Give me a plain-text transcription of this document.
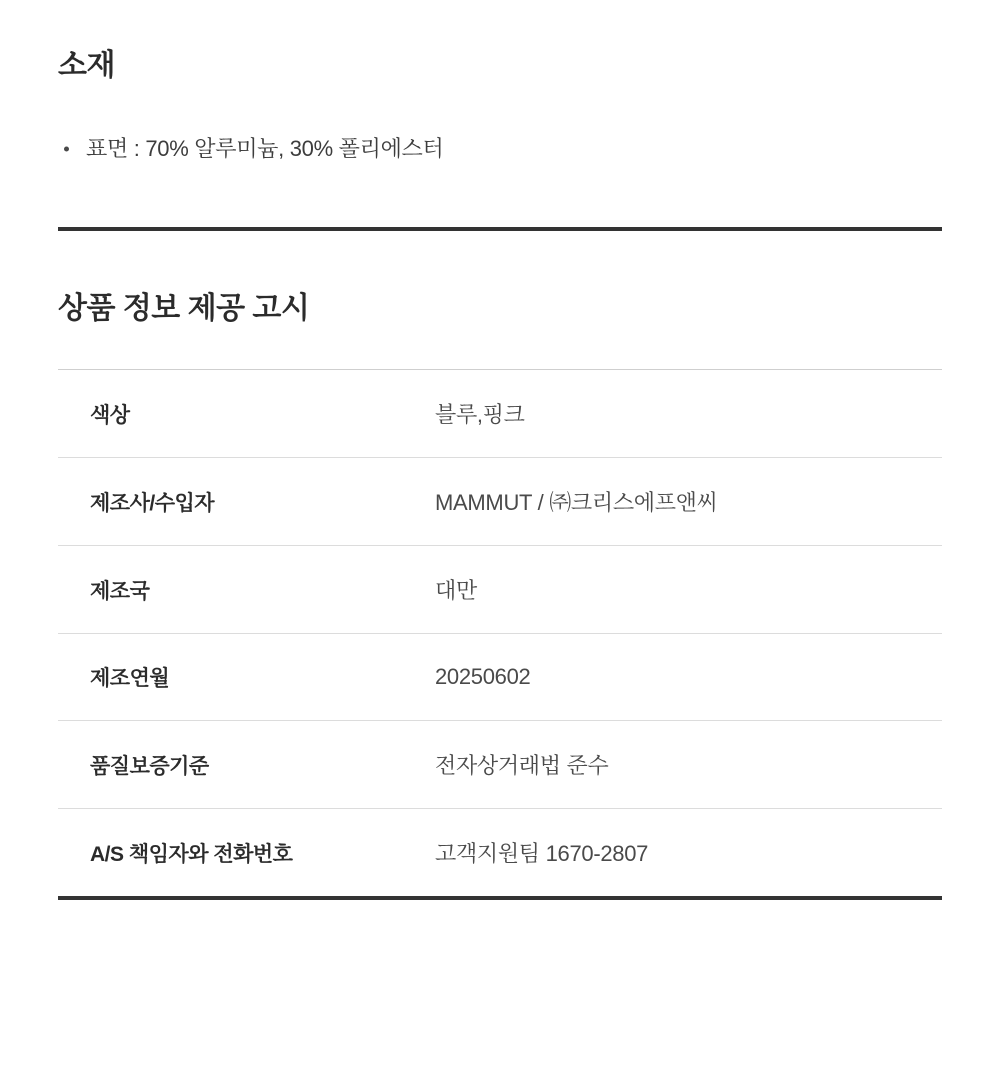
소재
표면 : 70% 알루미늄, 30% 폴리에스터
상품 정보 제공 고시
색상	블루,핑크
제조사/수입자	MAMMUT / ㈜크리스에프앤씨
제조국	대만
제조연월	20250602
품질보증기준	전자상거래법 준수
A/S 책임자와 전화번호	고객지원팀 1670-2807
